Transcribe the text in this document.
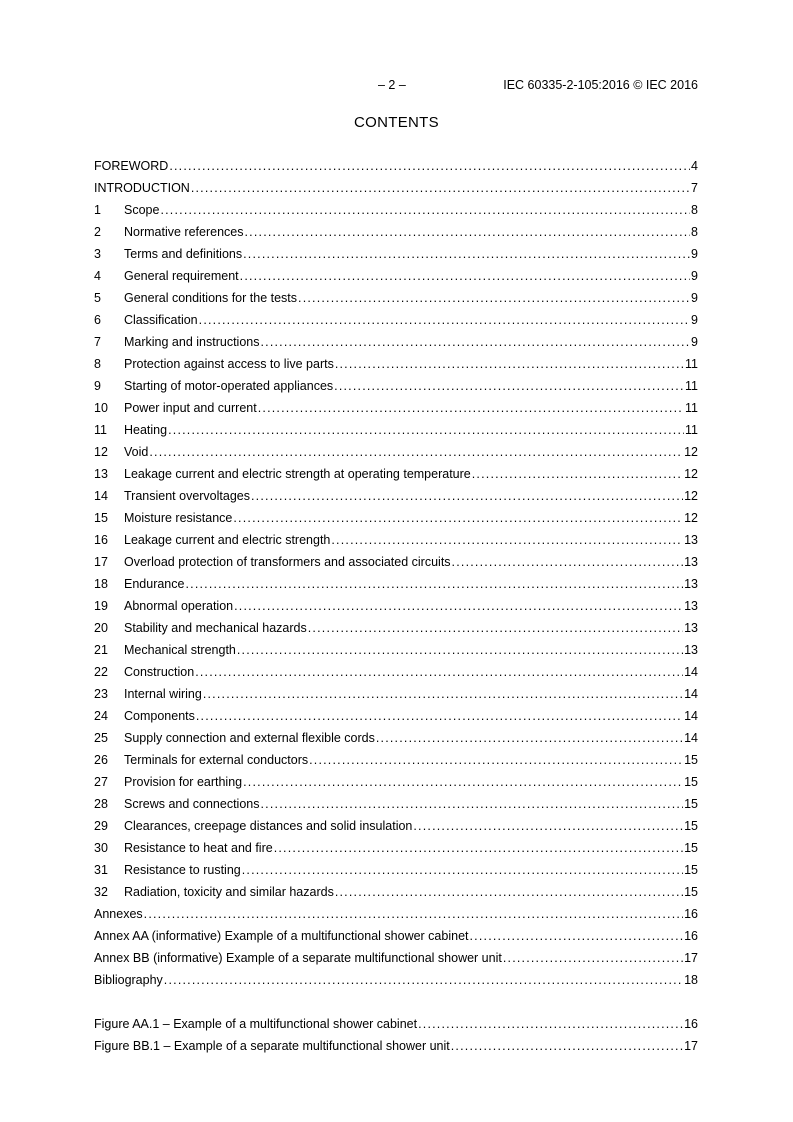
– 2 –	IEC 60335-2-105:2016 © IEC 2016
CONTENTS
FOREWORD .....	4
INTRODUCTION .....	7
1	Scope .....	8
2	Normative references .....	8
3	Terms and definitions .....	9
4	General requirement .....	9
5	General conditions for the tests .....	9
6	Classification .....	9
7	Marking and instructions .....	9
8	Protection against access to live parts .....	11
9	Starting of motor-operated appliances .....	11
10	Power input and current .....	11
11	Heating .....	11
12	Void .....	12
13	Leakage current and electric strength at operating temperature .....	12
14	Transient overvoltages .....	12
15	Moisture resistance .....	12
16	Leakage current and electric strength .....	13
17	Overload protection of transformers and associated circuits .....	13
18	Endurance .....	13
19	Abnormal operation .....	13
20	Stability and mechanical hazards .....	13
21	Mechanical strength .....	13
22	Construction .....	14
23	Internal wiring .....	14
24	Components .....	14
25	Supply connection and external flexible cords .....	14
26	Terminals for external conductors .....	15
27	Provision for earthing .....	15
28	Screws and connections .....	15
29	Clearances, creepage distances and solid insulation .....	15
30	Resistance to heat and fire .....	15
31	Resistance to rusting .....	15
32	Radiation, toxicity and similar hazards .....	15
Annexes .....	16
Annex AA (informative) Example of a multifunctional shower cabinet .....	16
Annex BB (informative) Example of a separate multifunctional shower unit .....	17
Bibliography .....	18
Figure AA.1 – Example of a multifunctional shower cabinet .....	16
Figure BB.1 – Example of a separate multifunctional shower unit .....	17
